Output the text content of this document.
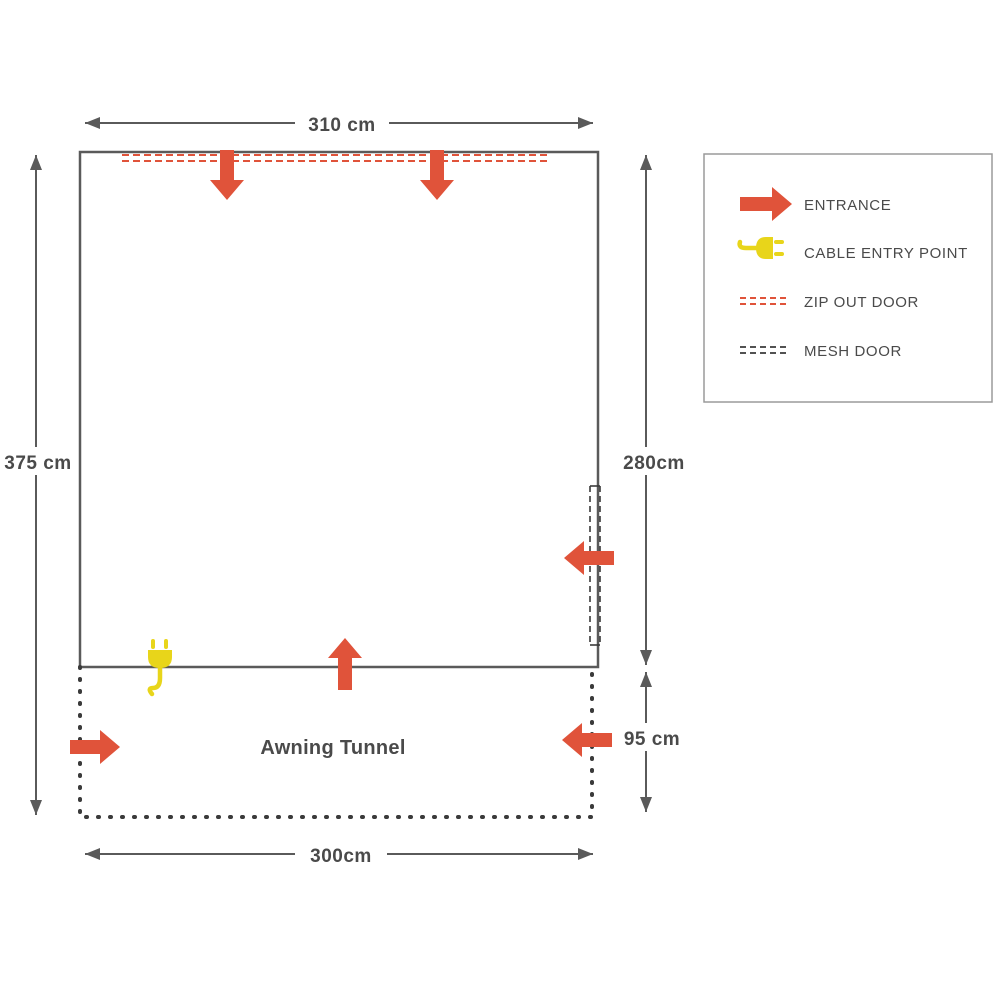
310 cm
375 cm	280cm
95 cm
300cm
Awning Tunnel
ENTRANCE
CABLE ENTRY POINT
ZIP OUT DOOR
MESH DOOR
